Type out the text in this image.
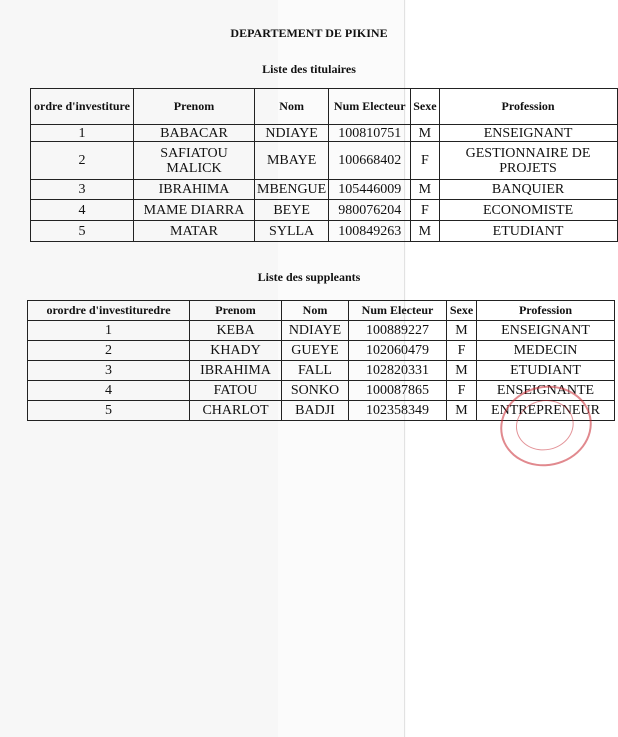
DEPARTEMENT DE PIKINE
Liste des titulaires
ordre d'investiture	Prenom	Nom	Num Electeur	Sexe	Profession
1	BABACAR	NDIAYE	100810751	M	ENSEIGNANT
2	SAFIATOU MALICK	MBAYE	100668402	F	GESTIONNAIRE DE PROJETS
3	IBRAHIMA	MBENGUE	105446009	M	BANQUIER
4	MAME DIARRA	BEYE	980076204	F	ECONOMISTE
5	MATAR	SYLLA	100849263	M	ETUDIANT
Liste des suppleants
orordre d'investituredre	Prenom	Nom	Num Electeur	Sexe	Profession
1	KEBA	NDIAYE	100889227	M	ENSEIGNANT
2	KHADY	GUEYE	102060479	F	MEDECIN
3	IBRAHIMA	FALL	102820331	M	ETUDIANT
4	FATOU	SONKO	100087865	F	ENSEIGNANTE
5	CHARLOT	BADJI	102358349	M	ENTREPRENEUR
